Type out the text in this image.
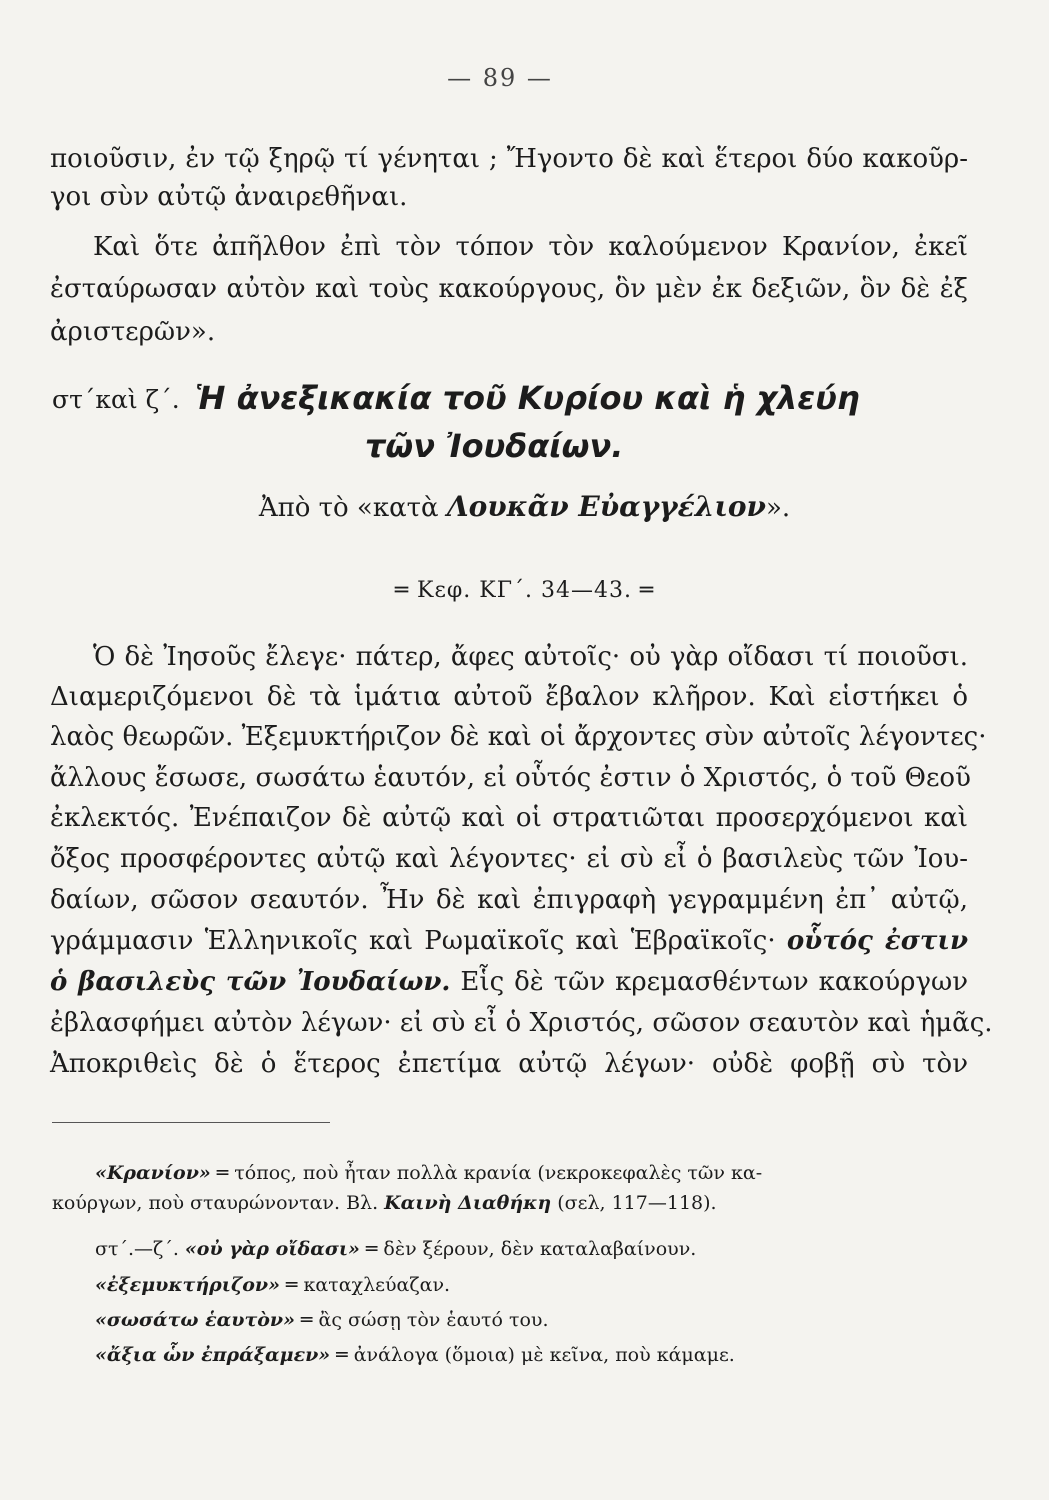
— 89 —
ποιοῦσιν, ἐν τῷ ξηρῷ τί γένηται ; Ἤγοντο δὲ καὶ ἕτεροι δύο κακοῦρ-
γοι σὺν αὐτῷ ἀναιρεθῆναι.
Καὶ ὅτε ἀπῆλθον ἐπὶ τὸν τόπον τὸν καλούμενον Κρανίον, ἐκεῖ
ἐσταύρωσαν αὐτὸν καὶ τοὺς κακούργους, ὃν μὲν ἐκ δεξιῶν, ὃν δὲ ἐξ
ἀριστερῶν».
στ΄καὶ ζ΄. Ἡ ἀνεξικακία τοῦ Κυρίου καὶ ἡ χλεύη
τῶν Ἰουδαίων.
Ἀπὸ τὸ «κατὰ Λουκᾶν Εὐαγγέλιον».
═ Κεφ. ΚΓ΄. 34—43. ═
Ὁ δὲ Ἰησοῦς ἔλεγε· πάτερ, ἄφες αὐτοῖς· οὐ γὰρ οἴδασι τί ποιοῦσι.
Διαμεριζόμενοι δὲ τὰ ἱμάτια αὐτοῦ ἔβαλον κλῆρον. Καὶ εἱστήκει ὁ
λαὸς θεωρῶν. Ἐξεμυκτήριζον δὲ καὶ οἱ ἄρχοντες σὺν αὐτοῖς λέγοντες·
ἄλλους ἔσωσε, σωσάτω ἑαυτόν, εἰ οὗτός ἐστιν ὁ Χριστός, ὁ τοῦ Θεοῦ
ἐκλεκτός. Ἐνέπαιζον δὲ αὐτῷ καὶ οἱ στρατιῶται προσερχόμενοι καὶ
ὄξος προσφέροντες αὐτῷ καὶ λέγοντες· εἰ σὺ εἶ ὁ βασιλεὺς τῶν Ἰου-
δαίων, σῶσον σεαυτόν. Ἦν δὲ καὶ ἐπιγραφὴ γεγραμμένη ἐπ᾿ αὐτῷ,
γράμμασιν Ἑλληνικοῖς καὶ Ρωμαϊκοῖς καὶ Ἑβραϊκοῖς· οὗτός ἐστιν
ὁ βασιλεὺς τῶν Ἰουδαίων. Εἷς δὲ τῶν κρεμασθέντων κακούργων
ἐβλασφήμει αὐτὸν λέγων· εἰ σὺ εἶ ὁ Χριστός, σῶσον σεαυτὸν καὶ ἡμᾶς.
Ἀποκριθεὶς δὲ ὁ ἕτερος ἐπετίμα αὐτῷ λέγων· οὐδὲ φοβῇ σὺ τὸν
«Κρανίον» ═ τόπος, ποὺ ἦταν πολλὰ κρανία (νεκροκεφαλὲς τῶν κα-
κούργων, ποὺ σταυρώνονταν. Βλ. Καινὴ Διαθήκη (σελ, 117—118).
στ΄.—ζ΄. «οὐ γὰρ οἴδασι» ═ δὲν ξέρουν, δὲν καταλαβαίνουν.
«ἐξεμυκτήριζον» ═ καταχλεύαζαν.
«σωσάτω ἑαυτὸν» ═ ἂς σώσῃ τὸν ἑαυτό του.
«ἄξια ὧν ἐπράξαμεν» ═ ἀνάλογα (ὅμοια) μὲ κεῖνα, ποὺ κάμαμε.
